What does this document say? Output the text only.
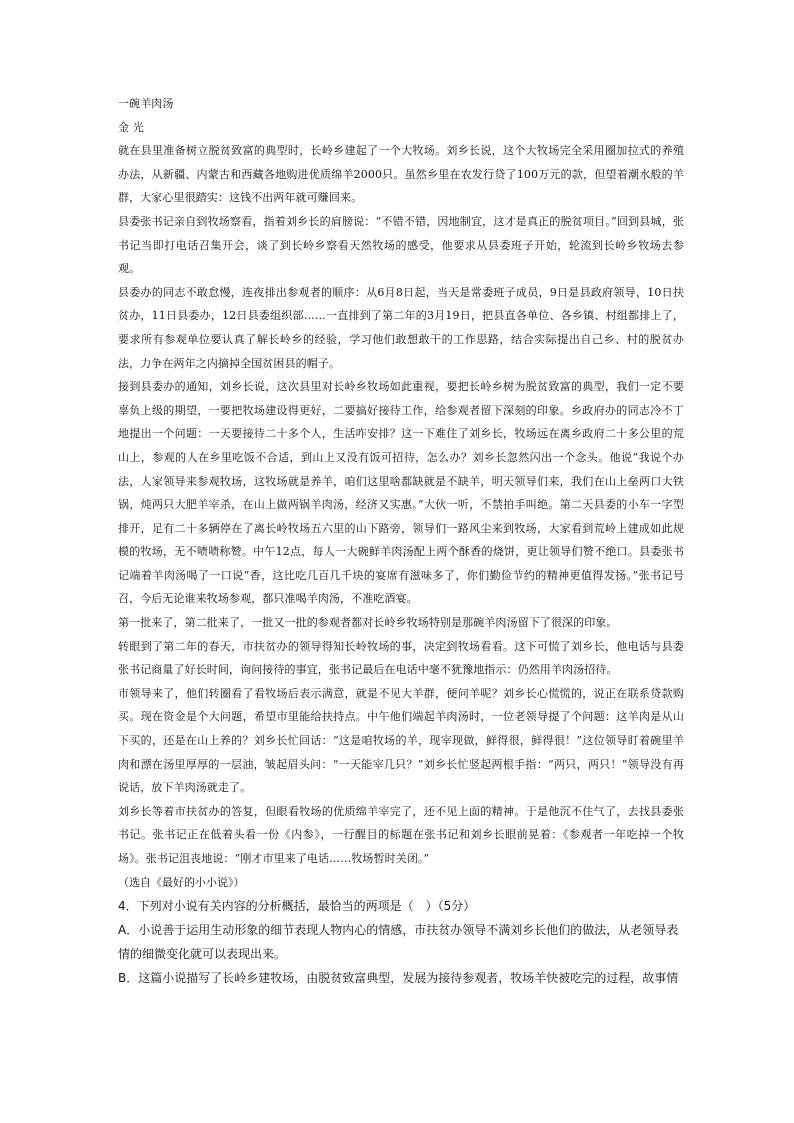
一碗羊肉汤
金 光

就在县里准备树立脱贫致富的典型时，长岭乡建起了一个大牧场。刘乡长说，这个大牧场完全采用圈加拉式的养殖办法，从新疆、内蒙古和西藏各地购进优质绵羊2000只。虽然乡里在农发行贷了100万元的款，但望着潮水般的羊群，大家心里很踏实：这钱不出两年就可赚回来。

县委张书记亲自到牧场察看，指着刘乡长的肩膀说：“不错不错，因地制宜，这才是真正的脱贫项目。”回到县城，张书记当即打电话召集开会，谈了到长岭乡察看天然牧场的感受，他要求从县委班子开始，轮流到长岭乡牧场去参观。

县委办的同志不敢怠慢，连夜排出参观者的顺序：从6月8日起，当天是常委班子成员，9日是县政府领导，10日扶贫办，11日县委办，12日县委组织部……一直排到了第二年的3月19日，把县直各单位、各乡镇、村组都排上了，要求所有参观单位要认真了解长岭乡的经验，学习他们敢想敢干的工作思路，结合实际提出自己乡、村的脱贫办法，力争在两年之内摘掉全国贫困县的帽子。

接到县委办的通知，刘乡长说，这次县里对长岭乡牧场如此重视，要把长岭乡树为脱贫致富的典型，我们一定不要辜负上级的期望，一要把牧场建设得更好，二要搞好接待工作，给参观者留下深刻的印象。乡政府办的同志冷不丁地提出一个问题：一天要接待二十多个人，生活咋安排？这一下难住了刘乡长，牧场远在离乡政府二十多公里的荒山上，参观的人在乡里吃饭不合适，到山上又没有饭可招待，怎么办？刘乡长忽然闪出一个念头。他说“我说个办法，人家领导来参观牧场，这牧场就是养羊，咱们这里啥都缺就是不缺羊，明天领导们来，我们在山上垒两口大铁锅，炖两只大肥羊宰杀，在山上做两锅羊肉汤，经济又实惠。”大伙一听，不禁拍手叫绝。第二天县委的小车一字型排开，足有二十多辆停在了离长岭牧场五六里的山下路旁，领导们一路风尘来到牧场，大家看到荒岭上建成如此规模的牧场，无不啧啧称赞。中午12点，每人一大碗鲜羊肉汤配上两个酥香的烧饼，更让领导们赞不绝口。县委张书记端着羊肉汤喝了一口说“香，这比吃几百几千块的宴席有滋味多了，你们勤俭节约的精神更值得发扬。”张书记号召，今后无论谁来牧场参观，都只准喝羊肉汤，不准吃酒宴。

第一批来了，第二批来了，一批又一批的参观者都对长岭乡牧场特别是那碗羊肉汤留下了很深的印象。

转眼到了第二年的春天，市扶贫办的领导得知长岭牧场的事，决定到牧场看看。这下可慌了刘乡长，他电话与县委张书记商量了好长时间，询问接待的事宜，张书记最后在电话中毫不犹豫地指示：仍然用羊肉汤招待。

市领导来了，他们转圈看了看牧场后表示满意，就是不见大羊群，便问羊呢？刘乡长心慌慌的，说正在联系贷款购买。现在资金是个大问题，希望市里能给扶持点。中午他们端起羊肉汤时，一位老领导提了个问题：这羊肉是从山下买的，还是在山上养的？刘乡长忙回话：“这是咱牧场的羊，现宰现做，鲜得很，鲜得很！”这位领导盯着碗里羊肉和漂在汤里厚厚的一层油，皱起眉头问：“一天能宰几只？”刘乡长忙竖起两根手指：“两只，两只！”领导没有再说话，放下羊肉汤就走了。

刘乡长等着市扶贫办的答复，但眼看牧场的优质绵羊宰完了，还不见上面的精神。于是他沉不住气了，去找县委张书记。张书记正在低着头看一份《内参》，一行醒目的标题在张书记和刘乡长眼前晃着：《参观者一年吃掉一个牧场》。张书记沮丧地说：“刚才市里来了电话……牧场暂时关闭。”

（选自《最好的小小说》）

4．下列对小说有关内容的分析概括，最恰当的两项是（　）（5分）

A．小说善于运用生动形象的细节表现人物内心的情感，市扶贫办领导不满刘乡长他们的做法，从老领导表情的细微变化就可以表现出来。

B．这篇小说描写了长岭乡建牧场，由脱贫致富典型，发展为接待参观者，牧场羊快被吃完的过程，故事情
